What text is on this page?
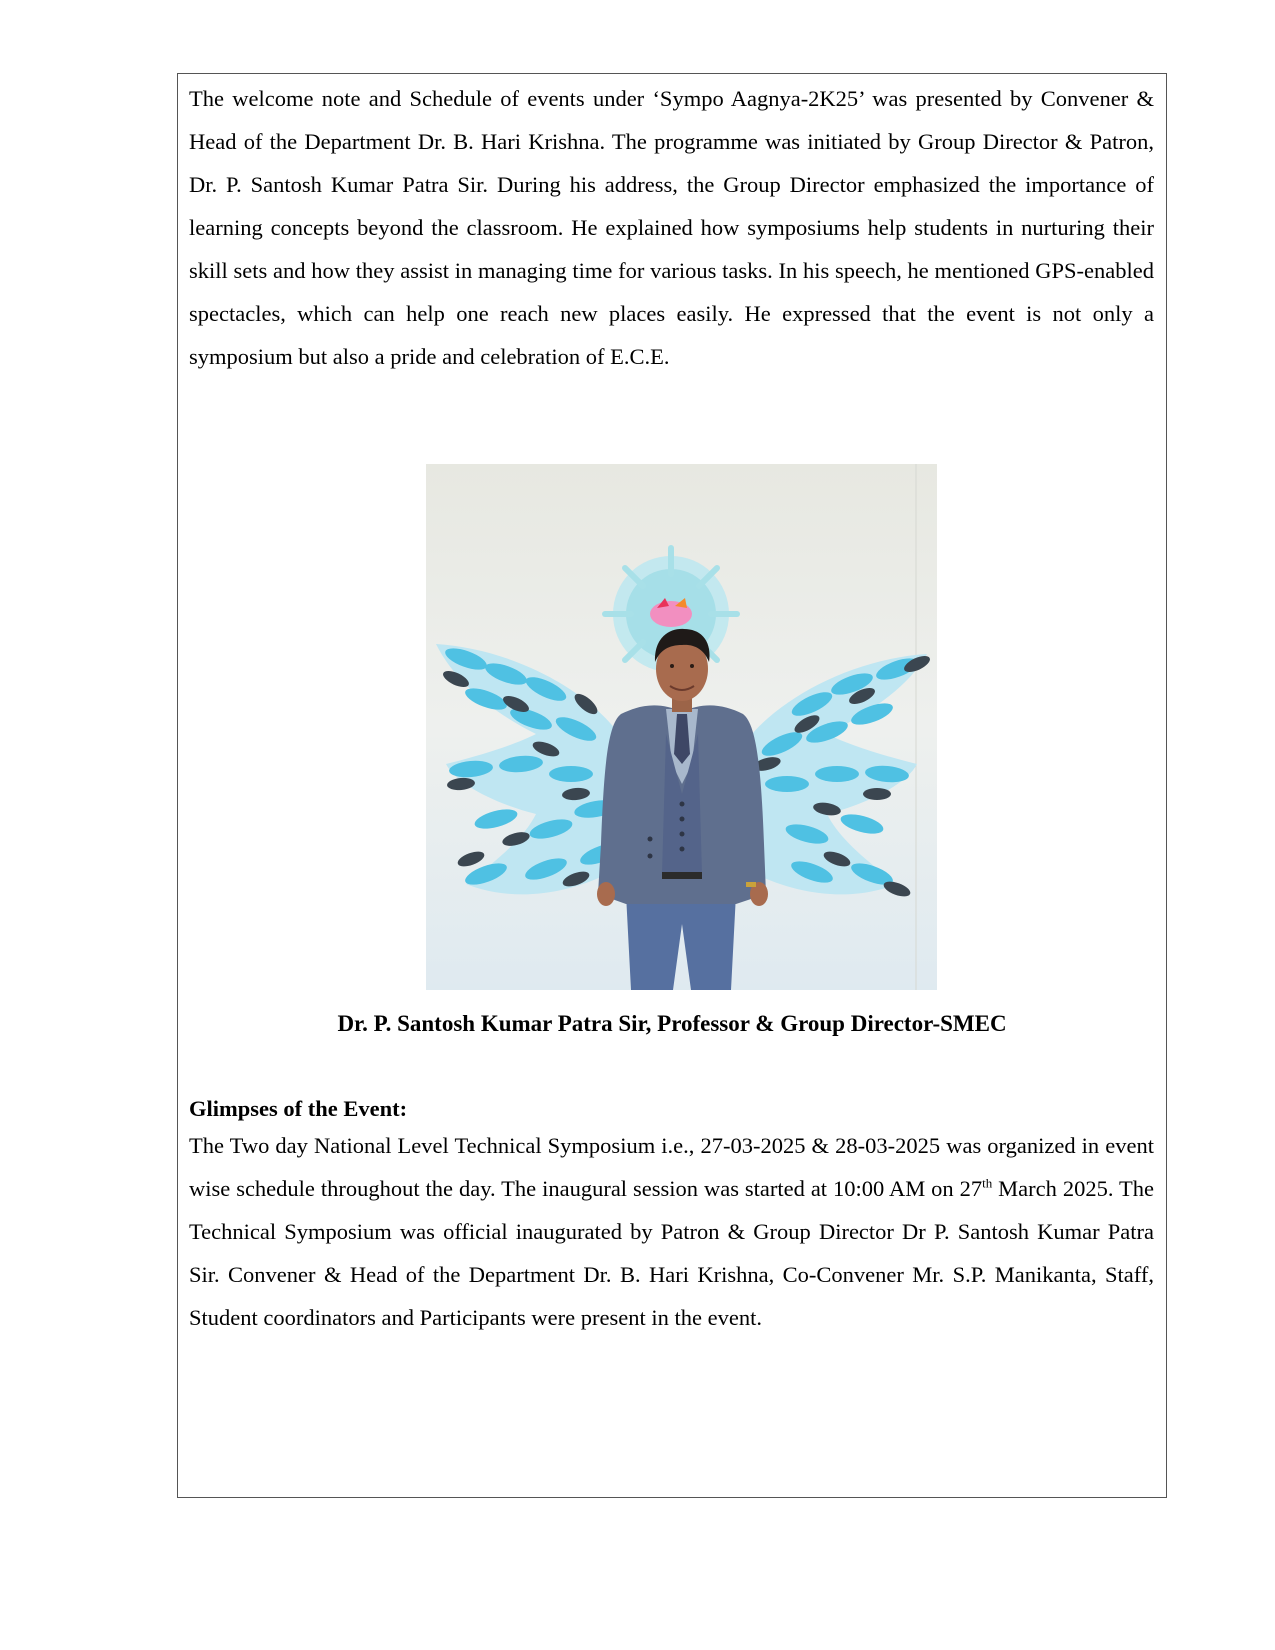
The welcome note and Schedule of events under ‘Sympo Aagnya-2K25’ was presented by Convener & Head of the Department Dr. B. Hari Krishna. The programme was initiated by Group Director & Patron, Dr. P. Santosh Kumar Patra Sir. During his address, the Group Director emphasized the importance of learning concepts beyond the classroom. He explained how symposiums help students in nurturing their skill sets and how they assist in managing time for various tasks. In his speech, he mentioned GPS-enabled spectacles, which can help one reach new places easily. He expressed that the event is not only a symposium but also a pride and celebration of E.C.E.

Dr. P. Santosh Kumar Patra Sir, Professor & Group Director-SMEC

Glimpses of the Event:

The Two day National Level Technical Symposium i.e., 27-03-2025 & 28-03-2025 was organized in event wise schedule throughout the day. The inaugural session was started at 10:00 AM on 27th March 2025. The Technical Symposium was official inaugurated by Patron & Group Director Dr P. Santosh Kumar Patra Sir. Convener & Head of the Department Dr. B. Hari Krishna, Co-Convener Mr. S.P. Manikanta, Staff, Student coordinators and Participants were present in the event.
